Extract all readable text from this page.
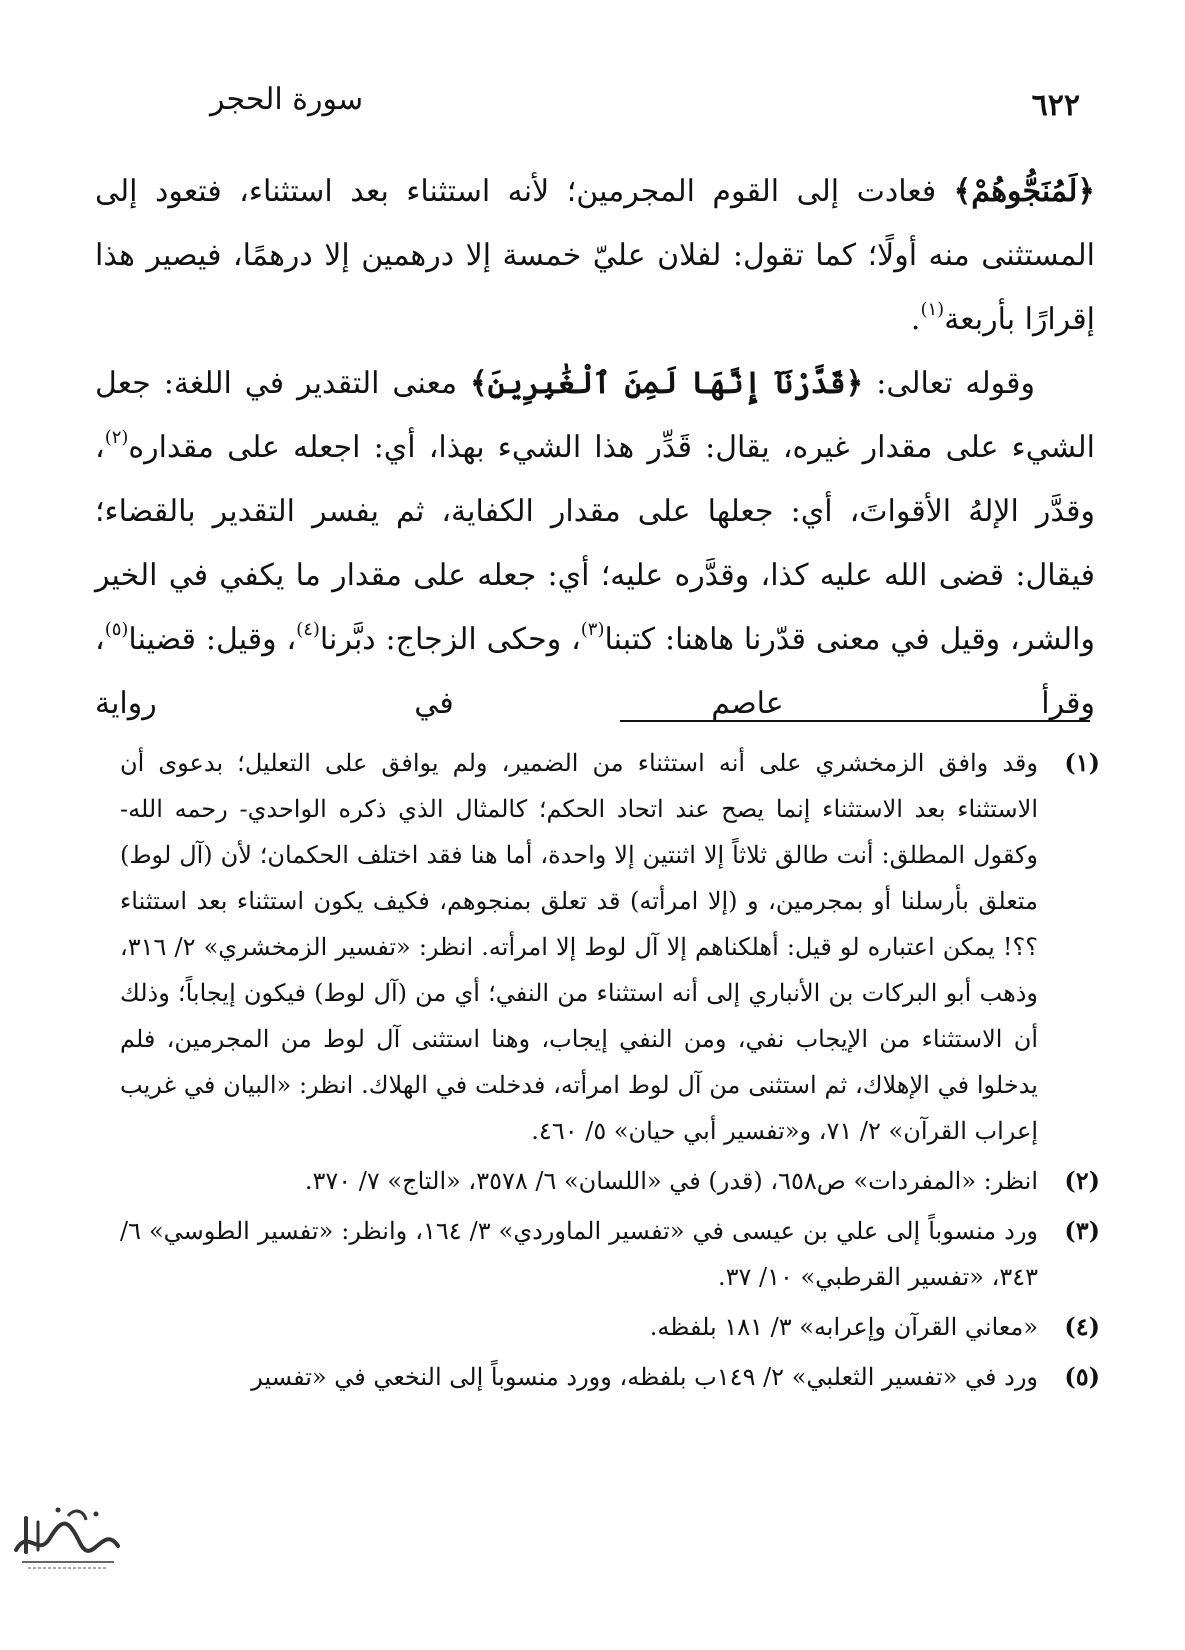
٦٢٢
سورة الحجر

﴿لَمُنَجُّوهُمْ﴾ فعادت إلى القوم المجرمين؛ لأنه استثناء بعد استثناء، فتعود إلى المستثنى منه أولًا؛ كما تقول: لفلان عليّ خمسة إلا درهمين إلا درهمًا، فيصير هذا إقرارًا بأربعة$^{(١)}$.

وقوله تعالى: ﴿قَدَّرْنَآ إِنَّهَا لَمِنَ ٱلْغَٰبِرِينَ﴾ معنى التقدير في اللغة: جعل الشيء على مقدار غيره، يقال: قَدِّر هذا الشيء بهذا، أي: اجعله على مقداره$^{(٢)}$، وقدَّر الإلهُ الأقواتَ، أي: جعلها على مقدار الكفاية، ثم يفسر التقدير بالقضاء؛ فيقال: قضى الله عليه كذا، وقدَّره عليه؛ أي: جعله على مقدار ما يكفي في الخير والشر، وقيل في معنى قدّرنا هاهنا: كتبنا$^{(٣)}$، وحكى الزجاج: دبَّرنا$^{(٤)}$، وقيل: قضينا$^{(٥)}$، وقرأ عاصم في رواية

(١)
وقد وافق الزمخشري على أنه استثناء من الضمير، ولم يوافق على التعليل؛ بدعوى أن الاستثناء بعد الاستثناء إنما يصح عند اتحاد الحكم؛ كالمثال الذي ذكره الواحدي- رحمه الله- وكقول المطلق: أنت طالق ثلاثاً إلا اثنتين إلا واحدة، أما هنا فقد اختلف الحكمان؛ لأن (آل لوط) متعلق بأرسلنا أو بمجرمين، و (إلا امرأته) قد تعلق بمنجوهم، فكيف يكون استثناء بعد استثناء ؟؟! يمكن اعتباره لو قيل: أهلكناهم إلا آل لوط إلا امرأته. انظر: «تفسير الزمخشري» ٢/ ٣١٦، وذهب أبو البركات بن الأنباري إلى أنه استثناء من النفي؛ أي من (آل لوط) فيكون إيجاباً؛ وذلك أن الاستثناء من الإيجاب نفي، ومن النفي إيجاب، وهنا استثنى آل لوط من المجرمين، فلم يدخلوا في الإهلاك، ثم استثنى من آل لوط امرأته، فدخلت في الهلاك. انظر: «البيان في غريب إعراب القرآن» ٢/ ٧١، و«تفسير أبي حيان» ٥/ ٤٦٠.
(٢)
انظر: «المفردات» ص٦٥٨، (قدر) في «اللسان» ٦/ ٣٥٧٨، «التاج» ٧/ ٣٧٠.
(٣)
ورد منسوباً إلى علي بن عيسى في «تفسير الماوردي» ٣/ ١٦٤، وانظر: «تفسير الطوسي» ٦/ ٣٤٣، «تفسير القرطبي» ١٠/ ٣٧.
(٤)
«معاني القرآن وإعرابه» ٣/ ١٨١ بلفظه.
(٥)
ورد في «تفسير الثعلبي» ٢/ ١٤٩ب بلفظه، وورد منسوباً إلى النخعي في «تفسير
